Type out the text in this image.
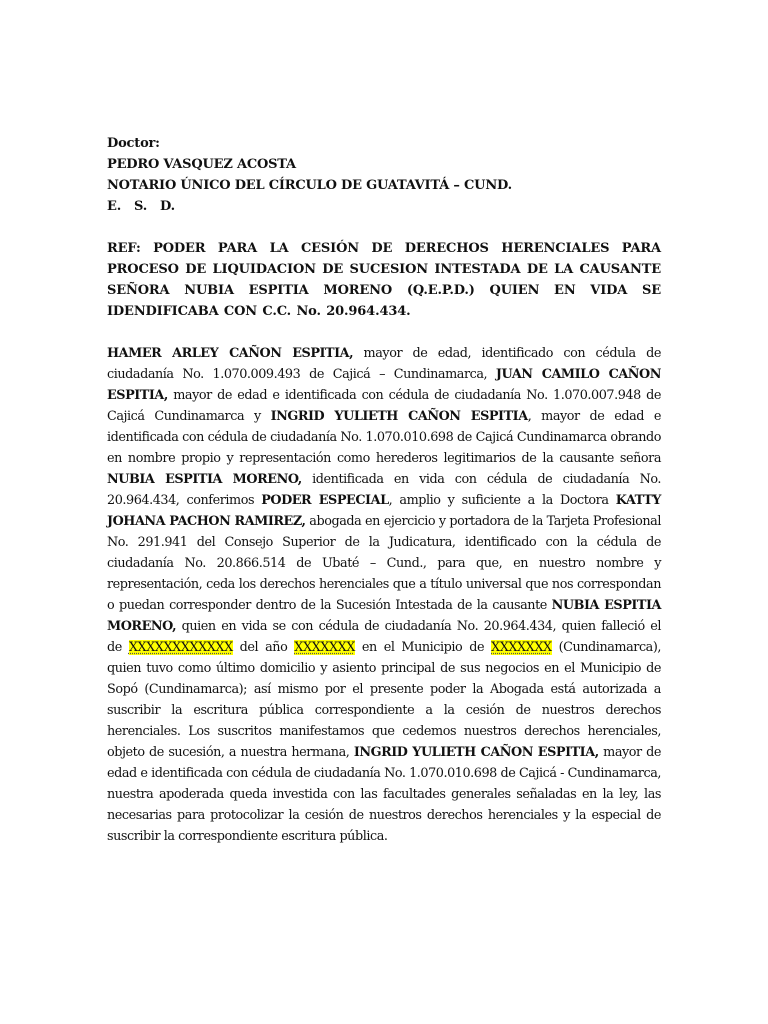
Doctor:
PEDRO VASQUEZ ACOSTA
NOTARIO ÚNICO DEL CÍRCULO DE GUATAVITÁ – CUND.
E.   S.   D.
REF: PODER PARA LA CESIÓN DE DERECHOS HERENCIALES PARA PROCESO DE LIQUIDACION DE SUCESION INTESTADA DE LA CAUSANTE SEÑORA NUBIA ESPITIA MORENO (Q.E.P.D.) QUIEN EN VIDA SE IDENDIFICABA CON C.C. No. 20.964.434.
HAMER ARLEY CAÑON ESPITIA, mayor de edad, identificado con cédula de ciudadanía No. 1.070.009.493 de Cajicá – Cundinamarca, JUAN CAMILO CAÑON ESPITIA, mayor de edad e identificada con cédula de ciudadanía No. 1.070.007.948 de Cajicá Cundinamarca y INGRID YULIETH CAÑON ESPITIA, mayor de edad e identificada con cédula de ciudadanía No. 1.070.010.698 de Cajicá Cundinamarca obrando en nombre propio y representación como herederos legitimarios de la causante señora NUBIA ESPITIA MORENO, identificada en vida con cédula de ciudadanía No. 20.964.434, conferimos PODER ESPECIAL, amplio y suficiente a la Doctora KATTY JOHANA PACHON RAMIREZ, abogada en ejercicio y portadora de la Tarjeta Profesional No. 291.941 del Consejo Superior de la Judicatura, identificado con la cédula de ciudadanía No. 20.866.514 de Ubaté – Cund., para que, en nuestro nombre y representación, ceda los derechos herenciales que a título universal que nos correspondan o puedan corresponder dentro de la Sucesión Intestada de la causante NUBIA ESPITIA MORENO, quien en vida se con cédula de ciudadanía No. 20.964.434, quien falleció el   de XXXXXXXXXXXX del año XXXXXXX en el Municipio de XXXXXXX (Cundinamarca), quien tuvo como último domicilio y asiento principal de sus negocios en el Municipio de Sopó (Cundinamarca); así mismo por el presente poder la Abogada está autorizada a suscribir la escritura pública correspondiente a la cesión de nuestros derechos herenciales. Los suscritos manifestamos que cedemos nuestros derechos herenciales, objeto de sucesión, a nuestra hermana, INGRID YULIETH CAÑON ESPITIA, mayor de edad e identificada con cédula de ciudadanía No. 1.070.010.698 de Cajicá - Cundinamarca, nuestra apoderada queda investida con las facultades generales señaladas en la ley, las necesarias para protocolizar la cesión de nuestros derechos herenciales y la especial de suscribir la correspondiente escritura pública.
